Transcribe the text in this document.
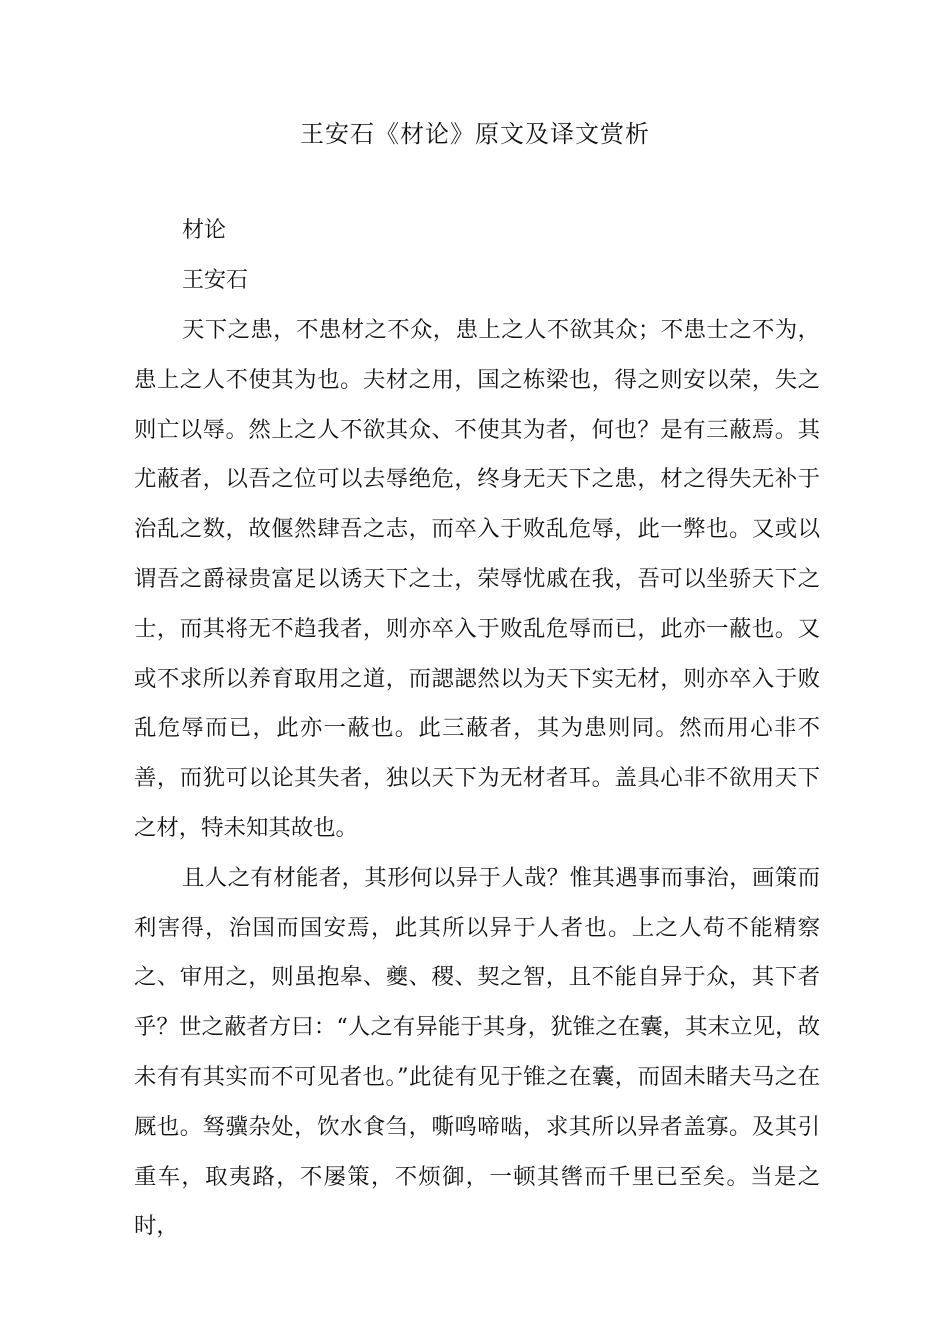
王安石《材论》原文及译文赏析

材论

王安石

天下之患，不患材之不众，患上之人不欲其众；不患士之不为，患上之人不使其为也。夫材之用，国之栋梁也，得之则安以荣，失之则亡以辱。然上之人不欲其众、不使其为者，何也？是有三蔽焉。其尤蔽者，以吾之位可以去辱绝危，终身无天下之患，材之得失无补于治乱之数，故偃然肆吾之志，而卒入于败乱危辱，此一弊也。又或以谓吾之爵禄贵富足以诱天下之士，荣辱忧戚在我，吾可以坐骄天下之士，而其将无不趋我者，则亦卒入于败乱危辱而已，此亦一蔽也。又或不求所以养育取用之道，而諰諰然以为天下实无材，则亦卒入于败乱危辱而已，此亦一蔽也。此三蔽者，其为患则同。然而用心非不善，而犹可以论其失者，独以天下为无材者耳。盖具心非不欲用天下之材，特未知其故也。

且人之有材能者，其形何以异于人哉？惟其遇事而事治，画策而利害得，治国而国安焉，此其所以异于人者也。上之人苟不能精察之、审用之，则虽抱皋、夔、稷、契之智，且不能自异于众，其下者乎？世之蔽者方曰：“人之有异能于其身，犹锥之在囊，其末立见，故未有有其实而不可见者也。”此徒有见于锥之在囊，而固未睹夫马之在厩也。驽骥杂处，饮水食刍，嘶鸣啼啮，求其所以异者盖寡。及其引重车，取夷路，不屡策，不烦御，一顿其辔而千里已至矣。当是之时，
